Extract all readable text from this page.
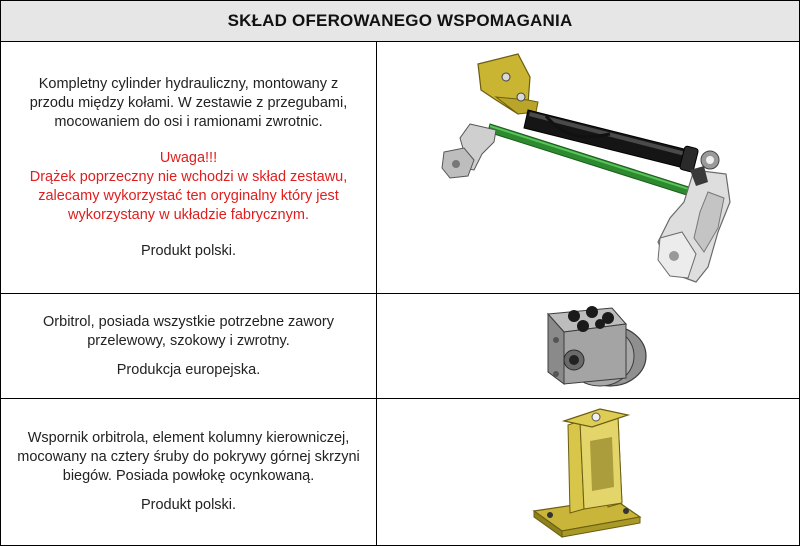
SKŁAD OFEROWANEGO WSPOMAGANIA

Kompletny cylinder hydrauliczny, montowany z przodu między kołami. W zestawie z przegubami, mocowaniem do osi i ramionami zwrotnic.

Uwaga!!!

Drążek poprzeczny nie wchodzi w skład zestawu, zalecamy wykorzystać ten oryginalny który jest wykorzystany w układzie fabrycznym.

Produkt polski.

Orbitrol, posiada wszystkie potrzebne zawory przelewowy, szokowy i zwrotny.

Produkcja europejska.

Wspornik orbitrola, element kolumny kierowniczej, mocowany na cztery śruby do pokrywy górnej skrzyni biegów. Posiada powłokę ocynkowaną.

Produkt polski.
